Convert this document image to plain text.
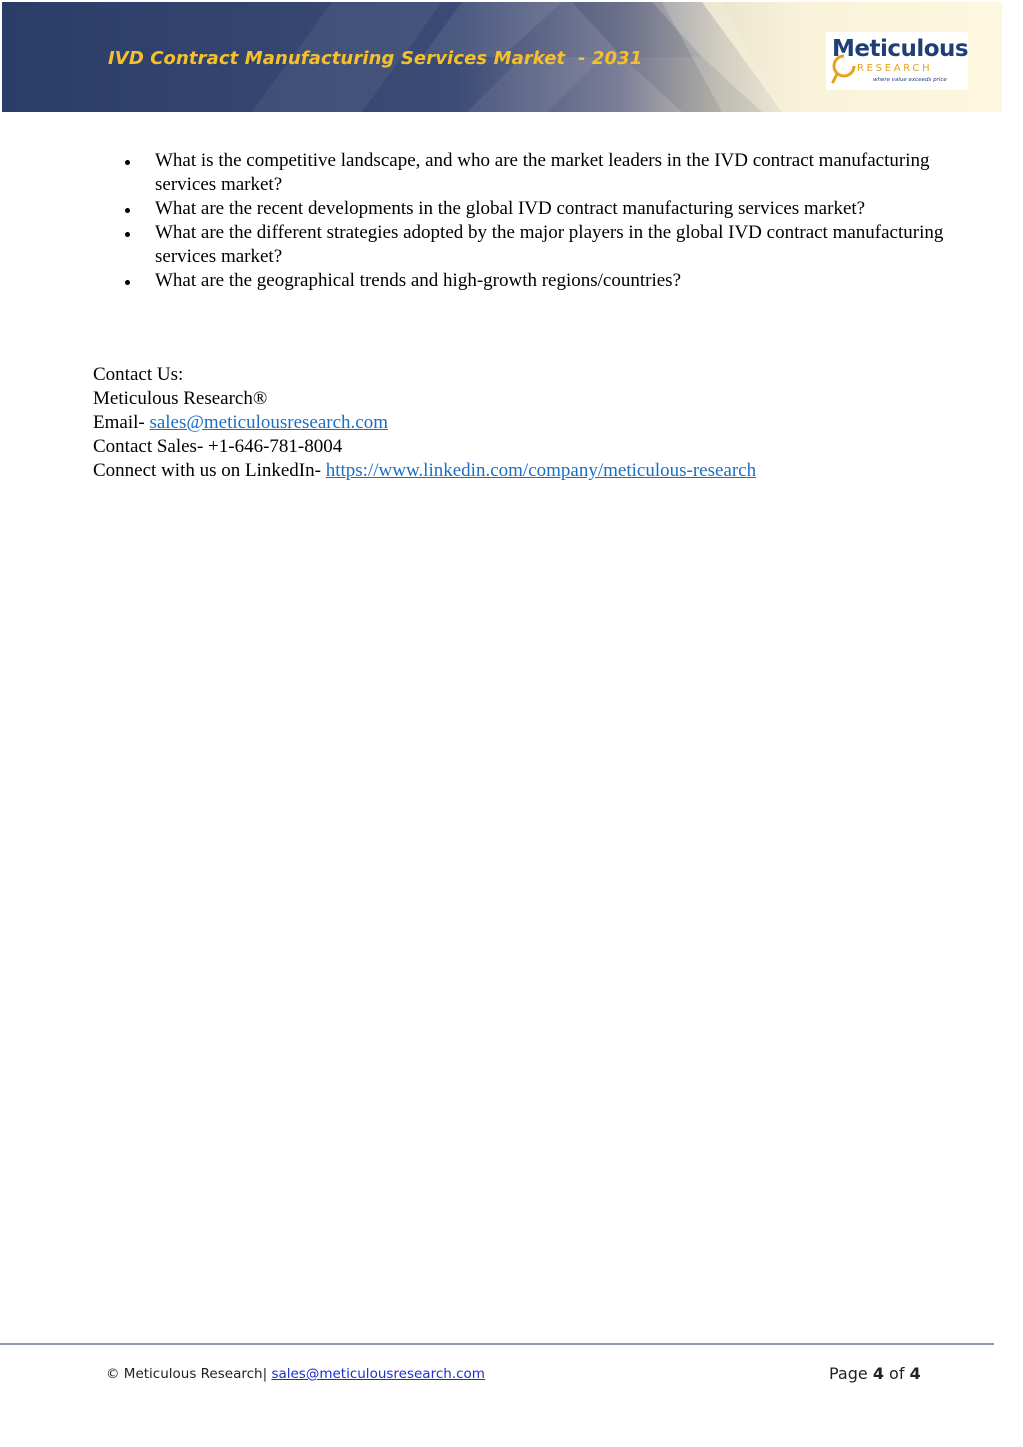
IVD Contract Manufacturing Services Market  - 2031	Meticulous
RESEARCH
where value exceeds price
What is the competitive landscape, and who are the market leaders in the IVD contract manufacturing services market?
What are the recent developments in the global IVD contract manufacturing services market?
What are the different strategies adopted by the major players in the global IVD contract manufacturing services market?
What are the geographical trends and high-growth regions/countries?
Contact Us:
Meticulous Research®
Email- sales@meticulousresearch.com
Contact Sales- +1-646-781-8004
Connect with us on LinkedIn- https://www.linkedin.com/company/meticulous-research
© Meticulous Research| sales@meticulousresearch.com	Page 4 of 4
